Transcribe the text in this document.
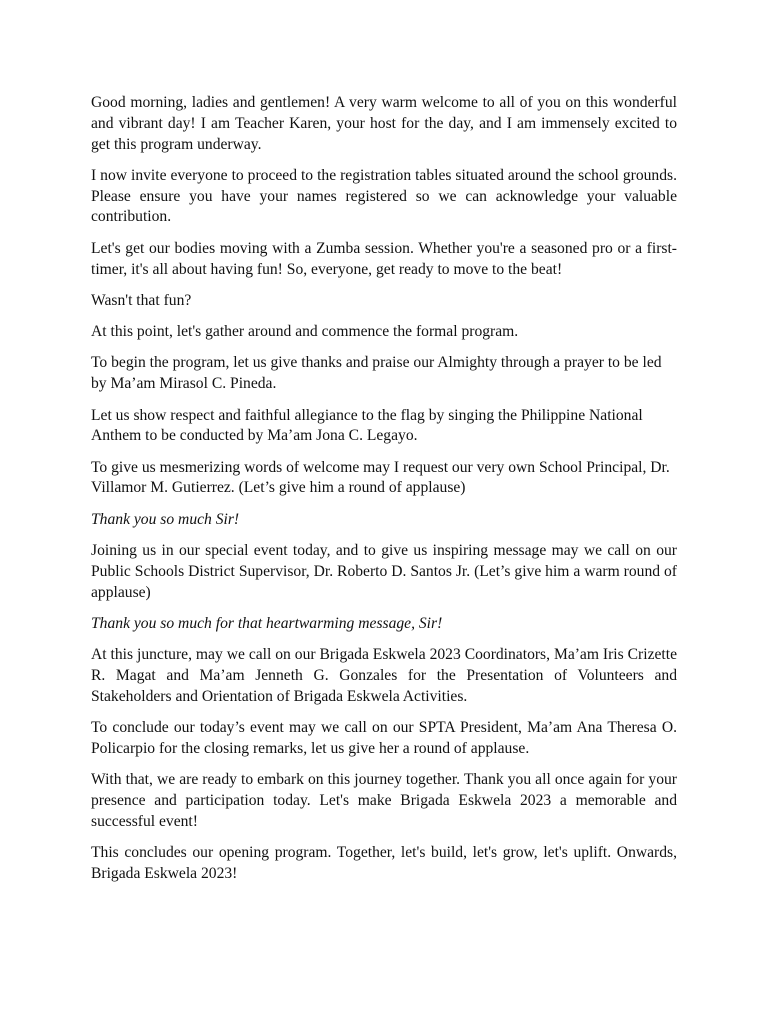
Good morning, ladies and gentlemen! A very warm welcome to all of you on this wonderful and vibrant day! I am Teacher Karen, your host for the day, and I am immensely excited to get this program underway.

I now invite everyone to proceed to the registration tables situated around the school grounds. Please ensure you have your names registered so we can acknowledge your valuable contribution.

Let's get our bodies moving with a Zumba session. Whether you're a seasoned pro or a first-timer, it's all about having fun! So, everyone, get ready to move to the beat!

Wasn't that fun?

At this point, let's gather around and commence the formal program.

To begin the program, let us give thanks and praise our Almighty through a prayer to be led by Ma’am Mirasol C. Pineda.

Let us show respect and faithful allegiance to the flag by singing the Philippine National Anthem to be conducted by Ma’am Jona C. Legayo.

To give us mesmerizing words of welcome may I request our very own School Principal, Dr. Villamor M. Gutierrez. (Let’s give him a round of applause)

Thank you so much Sir!

Joining us in our special event today, and to give us inspiring message may we call on our Public Schools District Supervisor, Dr. Roberto D. Santos Jr. (Let’s give him a warm round of applause)

Thank you so much for that heartwarming message, Sir!

At this juncture, may we call on our Brigada Eskwela 2023 Coordinators, Ma’am Iris Crizette R. Magat and Ma’am Jenneth G. Gonzales for the Presentation of Volunteers and Stakeholders and Orientation of Brigada Eskwela Activities.

To conclude our today’s event may we call on our SPTA President, Ma’am Ana Theresa O. Policarpio for the closing remarks, let us give her a round of applause.

With that, we are ready to embark on this journey together. Thank you all once again for your presence and participation today. Let's make Brigada Eskwela 2023 a memorable and successful event!

This concludes our opening program. Together, let's build, let's grow, let's uplift. Onwards, Brigada Eskwela 2023!
